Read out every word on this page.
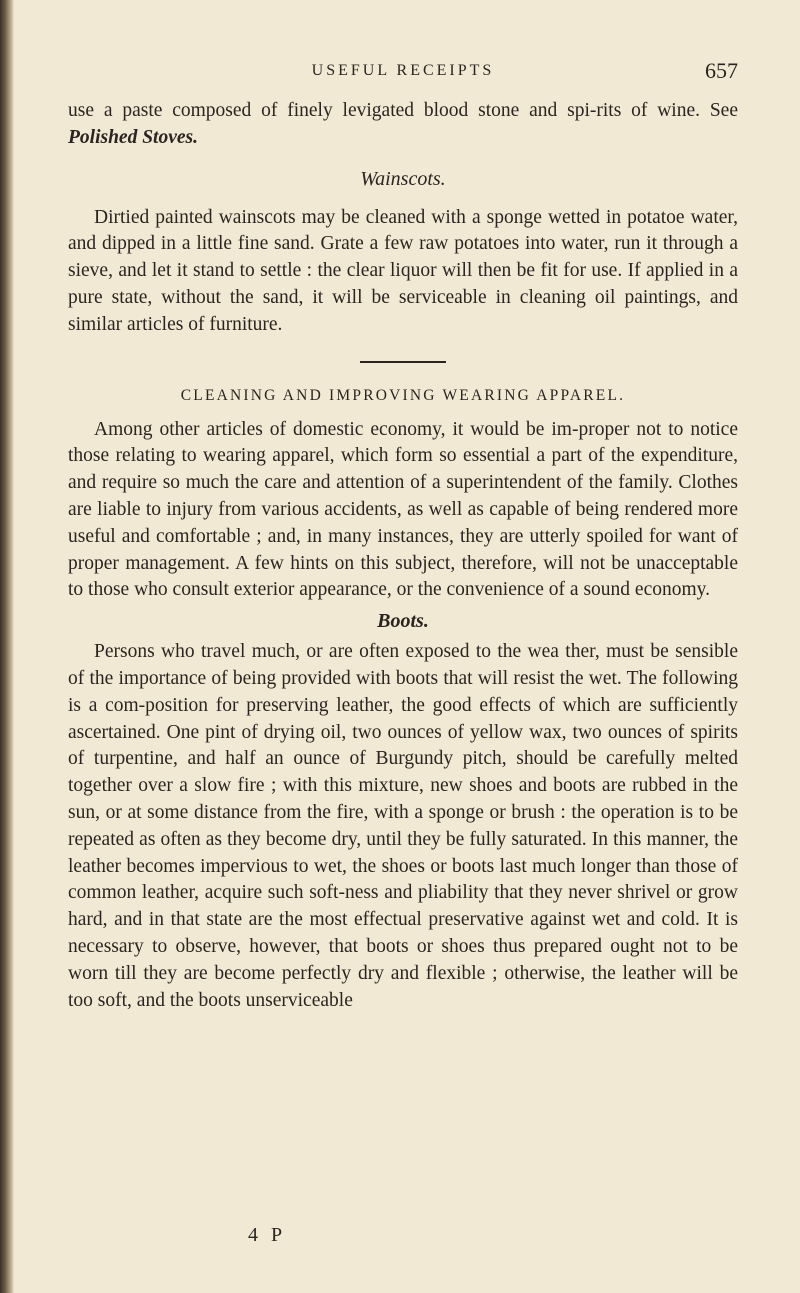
USEFUL RECEIPTS	657

use a paste composed of finely levigated blood stone and spi-rits of wine. See Polished Stoves.

Wainscots.

Dirtied painted wainscots may be cleaned with a sponge wetted in potatoe water, and dipped in a little fine sand. Grate a few raw potatoes into water, run it through a sieve, and let it stand to settle : the clear liquor will then be fit for use. If applied in a pure state, without the sand, it will be serviceable in cleaning oil paintings, and similar articles of furniture.

CLEANING AND IMPROVING WEARING APPAREL.

Among other articles of domestic economy, it would be im-proper not to notice those relating to wearing apparel, which form so essential a part of the expenditure, and require so much the care and attention of a superintendent of the family. Clothes are liable to injury from various accidents, as well as capable of being rendered more useful and comfortable ; and, in many instances, they are utterly spoiled for want of proper management. A few hints on this subject, therefore, will not be unacceptable to those who consult exterior appearance, or the convenience of a sound economy.

Boots.

Persons who travel much, or are often exposed to the wea ther, must be sensible of the importance of being provided with boots that will resist the wet. The following is a com-position for preserving leather, the good effects of which are sufficiently ascertained. One pint of drying oil, two ounces of yellow wax, two ounces of spirits of turpentine, and half an ounce of Burgundy pitch, should be carefully melted together over a slow fire ; with this mixture, new shoes and boots are rubbed in the sun, or at some distance from the fire, with a sponge or brush : the operation is to be repeated as often as they become dry, until they be fully saturated. In this manner, the leather becomes impervious to wet, the shoes or boots last much longer than those of common leather, acquire such soft-ness and pliability that they never shrivel or grow hard, and in that state are the most effectual preservative against wet and cold. It is necessary to observe, however, that boots or shoes thus prepared ought not to be worn till they are become perfectly dry and flexible ; otherwise, the leather will be too soft, and the boots unserviceable

4 P
